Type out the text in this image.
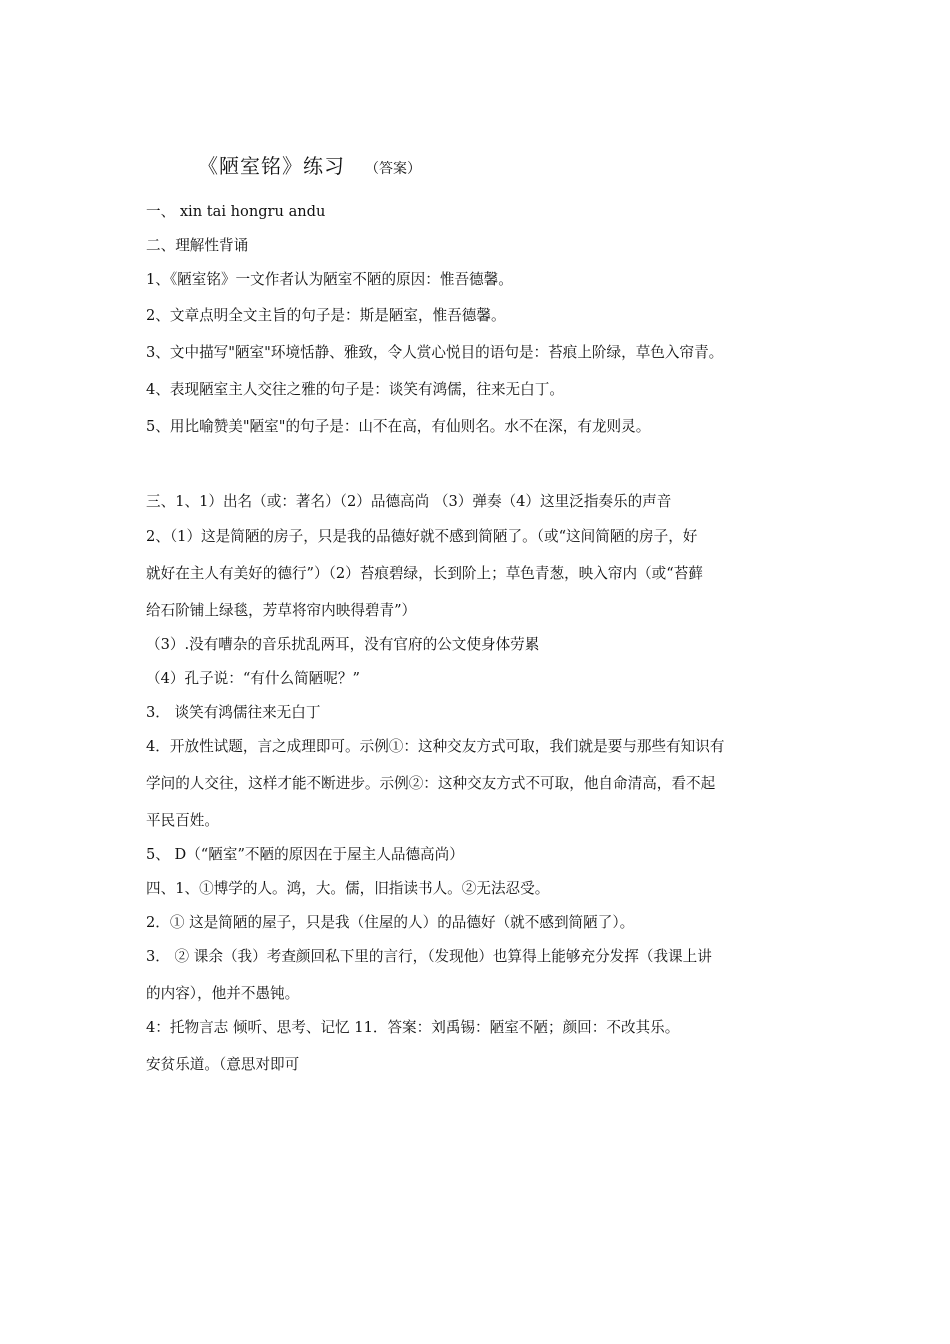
《陋室铭》练习 （答案）
一、 xin tai hongru andu
二、理解性背诵
1、《陋室铭》一文作者认为陋室不陋的原因：惟吾德馨。
2、文章点明全文主旨的句子是：斯是陋室，惟吾德馨。
3、文中描写"陋室"环境恬静、雅致，令人赏心悦目的语句是：苔痕上阶绿，草色入帘青。
4、表现陋室主人交往之雅的句子是：谈笑有鸿儒，往来无白丁。
5、用比喻赞美"陋室"的句子是：山不在高，有仙则名。水不在深，有龙则灵。
三、1、1）出名（或：著名）（2）品德高尚 （3）弹奏（4）这里泛指奏乐的声音
2、（1）这是简陋的房子，只是我的品德好就不感到简陋了。（或“这间简陋的房子，好
就好在主人有美好的德行”）（2）苔痕碧绿，长到阶上；草色青葱，映入帘内（或“苔藓
给石阶铺上绿毯，芳草将帘内映得碧青”）
（3）.没有嘈杂的音乐扰乱两耳，没有官府的公文使身体劳累
（4）孔子说：“有什么简陋呢？”
3． 谈笑有鸿儒往来无白丁
4．开放性试题，言之成理即可。示例①：这种交友方式可取，我们就是要与那些有知识有
学问的人交往，这样才能不断进步。示例②：这种交友方式不可取，他自命清高，看不起
平民百姓。
5、 D（“陋室”不陋的原因在于屋主人品德高尚）
四、1、①博学的人。鸿，大。儒，旧指读书人。②无法忍受。
2．① 这是简陋的屋子，只是我（住屋的人）的品德好（就不感到简陋了）。
3． ② 课余（我）考查颜回私下里的言行，（发现他）也算得上能够充分发挥（我课上讲
的内容），他并不愚钝。
4：托物言志 倾听、思考、记忆 11．答案：刘禹锡：陋室不陋；颜回：不改其乐。
安贫乐道。（意思对即可
